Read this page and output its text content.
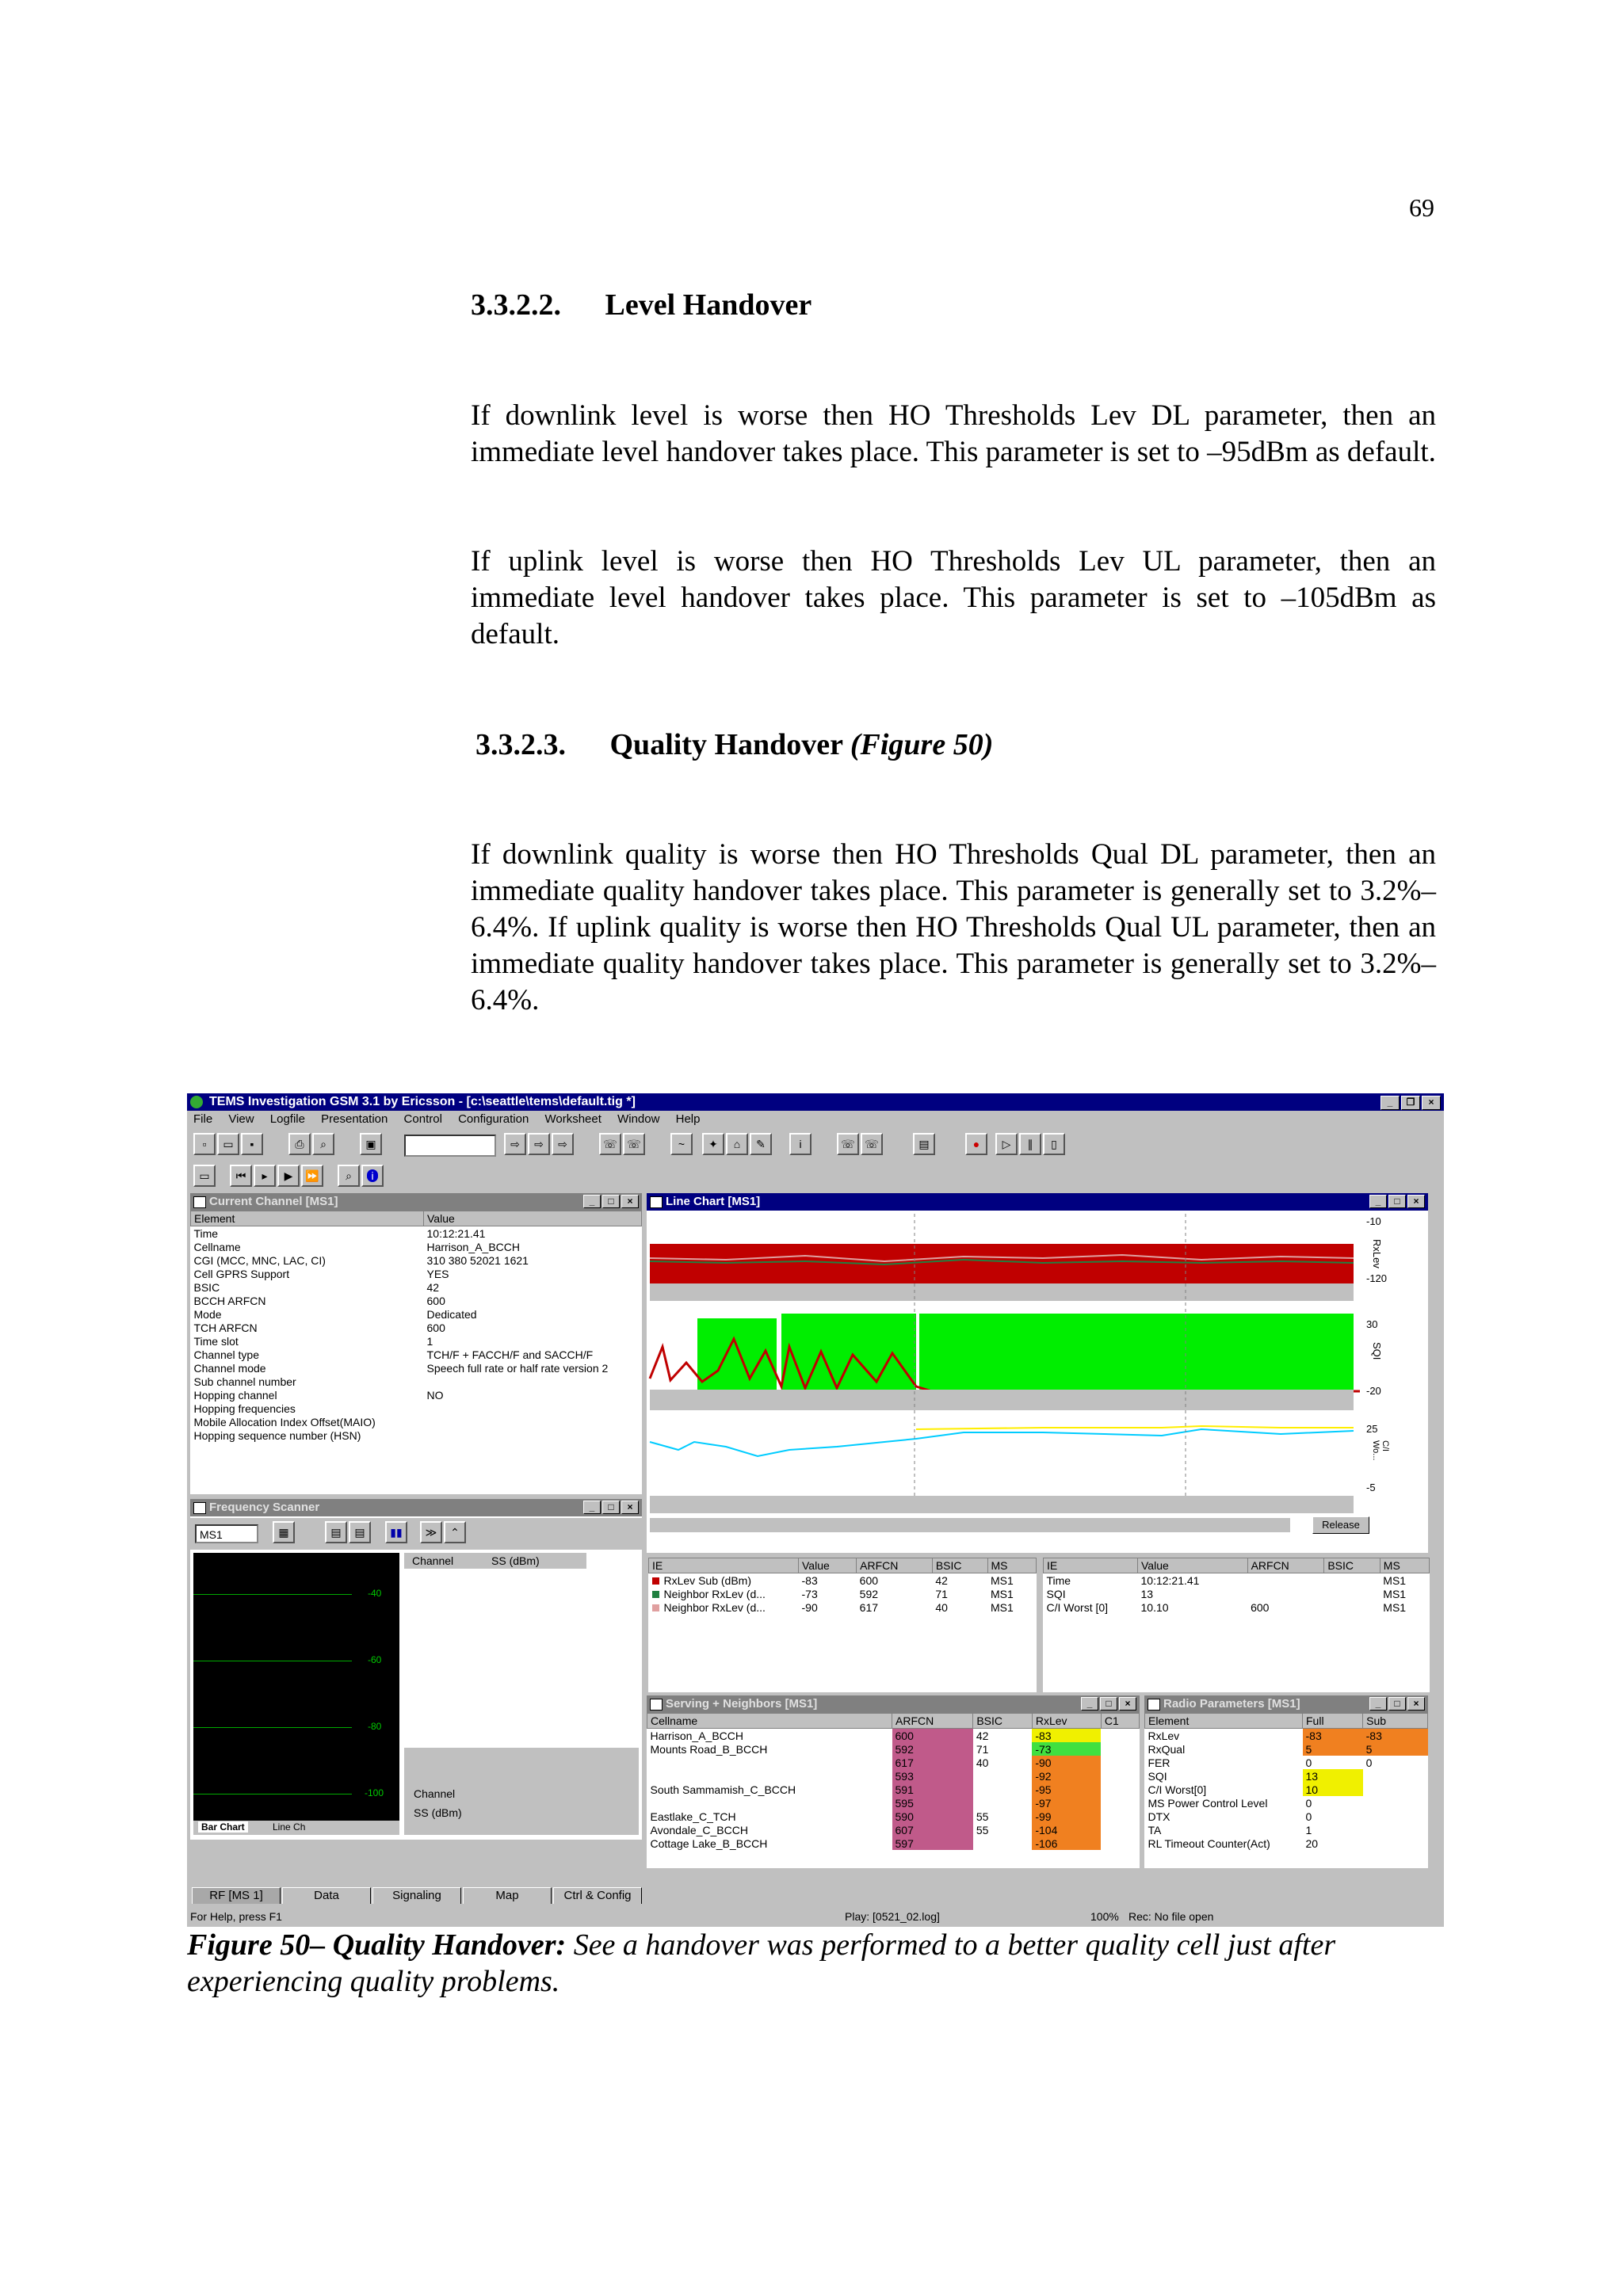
69
3.3.2.2. Level Handover
If downlink level is worse then HO Thresholds Lev DL parameter, then an immediate level handover takes place. This parameter is set to –95dBm as default.
If uplink level is worse then HO Thresholds Lev UL parameter, then an immediate level handover takes place. This parameter is set to –105dBm as default.
3.3.2.3. Quality Handover (Figure 50)
If downlink quality is worse then HO Thresholds Qual DL parameter, then an immediate quality handover takes place. This parameter is generally set to 3.2%–6.4%. If uplink quality is worse then HO Thresholds Qual UL parameter, then an immediate quality handover takes place. This parameter is generally set to 3.2%–6.4%.
TEMS Investigation GSM 3.1 by Ericsson - [c:\seattle\tems\default.tig *]	_	❐	×
File View Logfile Presentation Control Configuration Worksheet Window Help
▫	▭	▪	⎙	⌕	▣	⇨	⇨	⇨	☏ ☏	~	✦	⌂	✎	i	☏ ☏	▤	●	▷	∥	▯
▭	⏮	▸	▶	⏩	⌕	i
Current Channel [MS1]	_	□	×
Element	Value
Time	10:12:21.41
Cellname	Harrison_A_BCCH
CGI (MCC, MNC, LAC, CI)	310 380 52021 1621
Cell GPRS Support	YES
BSIC	42
BCCH ARFCN	600
Mode	Dedicated
TCH ARFCN	600
Time slot	1
Channel type	TCH/F + FACCH/F and SACCH/F
Channel mode	Speech full rate or half rate version 2
Sub channel number	
Hopping channel	NO
Hopping frequencies	
Mobile Allocation Index Offset(MAIO)	
Hopping sequence number (HSN)	
Frequency Scanner	_	□	×
MS1	▦	▤	▤	▮▮	≫	⌃
-40
-60
-80
-100
Bar Chart	Line Ch
Channel	SS (dBm)
Channel
SS (dBm)
Line Chart [MS1]	_	□	×
-10
RxLev
-120
30
SQI
-20
25
C/I Wo...
-5
Release
IE	Value	ARFCN	BSIC	MS
RxLev Sub (dBm)	-83	600	42	MS1
Neighbor RxLev (d...	-73	592	71	MS1
Neighbor RxLev (d...	-90	617	40	MS1
IE	Value	ARFCN	BSIC	MS
Time	10:12:21.41			MS1
SQI	13			MS1
C/I Worst [0]	10.10	600		MS1
Serving + Neighbors [MS1]	_	□	×
Cellname	ARFCN	BSIC	RxLev	C1
Harrison_A_BCCH	600	42	-83	
Mounts Road_B_BCCH	592	71	-73	
	617	40	-90	
	593		-92	
South Sammamish_C_BCCH	591		-95	
	595		-97	
Eastlake_C_TCH	590	55	-99	
Avondale_C_BCCH	607	55	-104	
Cottage Lake_B_BCCH	597		-106	
Radio Parameters [MS1]	_	□	×
Element	Full	Sub
RxLev	-83	-83
RxQual	5	5
FER	0	0
SQI	13	
C/I Worst[0]	10	
MS Power Control Level	0	
DTX	0	
TA	1	
RL Timeout Counter(Act)	20	
RF [MS 1]	Data	Signaling	Map	Ctrl & Config
For Help, press F1	Play: [0521_02.log]	100% Rec: No file open
Figure 50– Quality Handover: See a handover was performed to a better quality cell just after experiencing quality problems.
